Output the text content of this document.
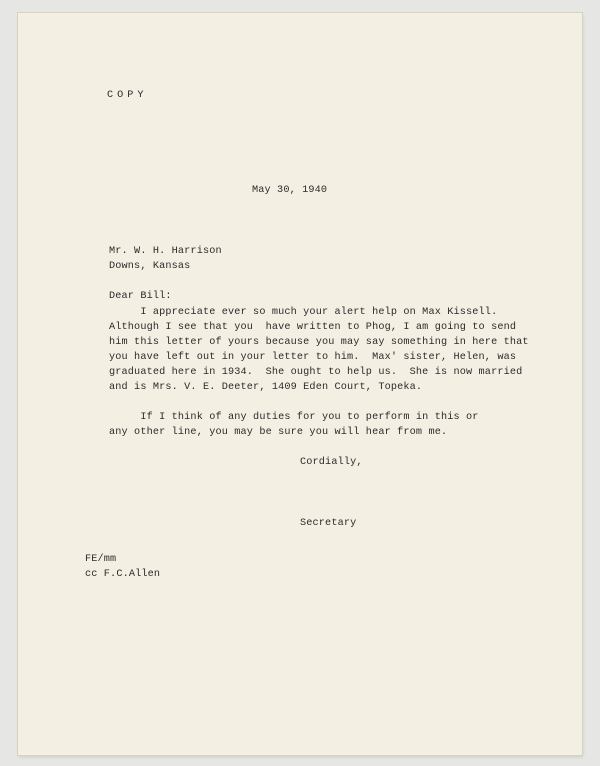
COPY
May 30, 1940
Mr. W. H. Harrison
Downs, Kansas
Dear Bill:
I appreciate ever so much your alert help on Max Kissell.
Although I see that you  have written to Phog, I am going to send
him this letter of yours because you may say something in here that
you have left out in your letter to him.  Max' sister, Helen, was
graduated here in 1934.  She ought to help us.  She is now married
and is Mrs. V. E. Deeter, 1409 Eden Court, Topeka.
If I think of any duties for you to perform in this or
any other line, you may be sure you will hear from me.
Cordially,
Secretary
FE/mm
cc F.C.Allen
